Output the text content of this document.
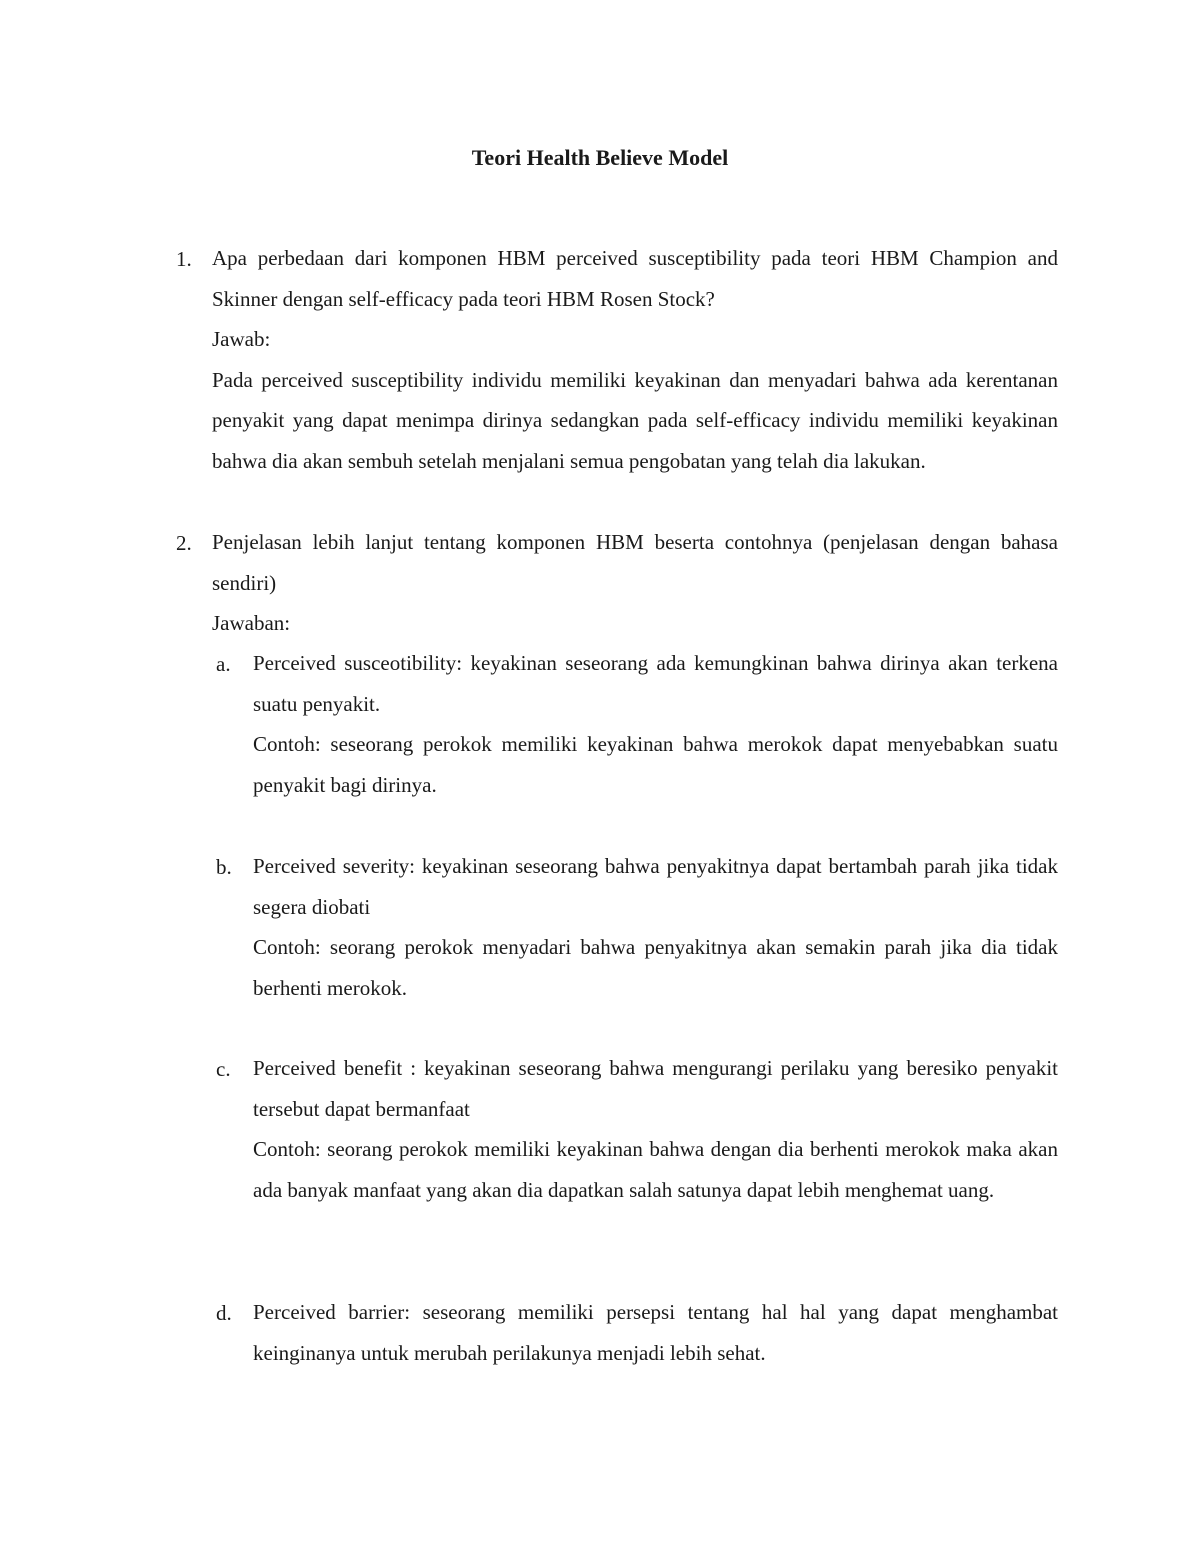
Teori Health Believe Model
1. Apa perbedaan dari komponen HBM perceived susceptibility pada teori HBM Champion and Skinner dengan self-efficacy pada teori HBM Rosen Stock?

Jawab:

Pada perceived susceptibility individu memiliki keyakinan dan menyadari bahwa ada kerentanan penyakit yang dapat menimpa dirinya sedangkan pada self-efficacy individu memiliki keyakinan bahwa dia akan sembuh setelah menjalani semua pengobatan yang telah dia lakukan.

2. Penjelasan lebih lanjut tentang komponen HBM beserta contohnya (penjelasan dengan bahasa sendiri)

Jawaban:

a. Perceived susceotibility: keyakinan seseorang ada kemungkinan bahwa dirinya akan terkena suatu penyakit.

Contoh: seseorang perokok memiliki keyakinan bahwa merokok dapat menyebabkan suatu penyakit bagi dirinya.

b. Perceived severity: keyakinan seseorang bahwa penyakitnya dapat bertambah parah jika tidak segera diobati

Contoh: seorang perokok menyadari bahwa penyakitnya akan semakin parah jika dia tidak berhenti merokok.

c. Perceived benefit : keyakinan seseorang bahwa mengurangi perilaku yang beresiko penyakit tersebut dapat bermanfaat

Contoh: seorang perokok memiliki keyakinan bahwa dengan dia berhenti merokok maka akan ada banyak manfaat yang akan dia dapatkan salah satunya dapat lebih menghemat uang.

d. Perceived barrier: seseorang memiliki persepsi tentang hal hal yang dapat menghambat keinginanya untuk merubah perilakunya menjadi lebih sehat.
